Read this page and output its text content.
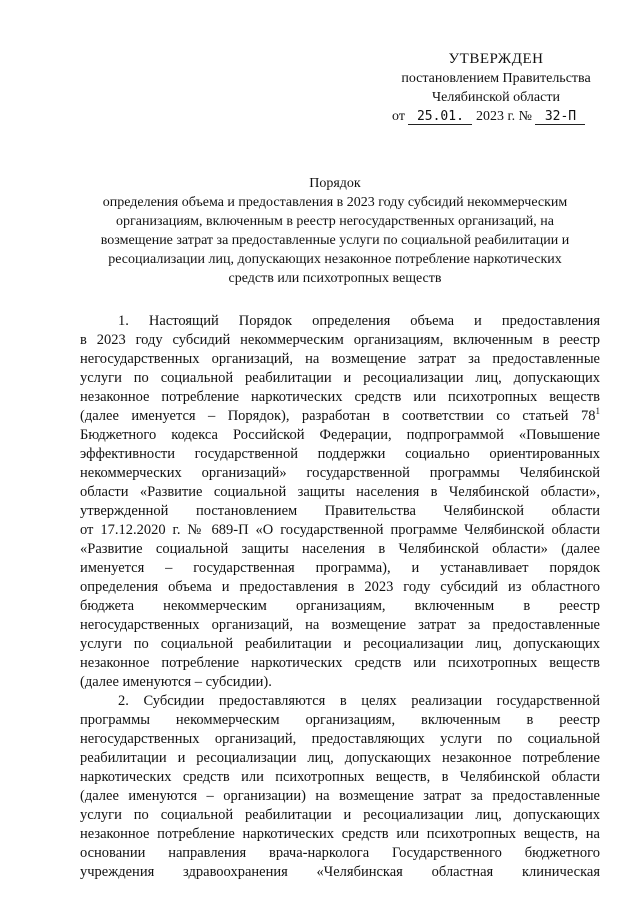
УТВЕРЖДЕН
постановлением Правительства
Челябинской области
от 25.01. 2023 г. № 32-П
Порядок
определения объема и предоставления в 2023 году субсидий некоммерческим
организациям, включенным в реестр негосударственных организаций, на
возмещение затрат за предоставленные услуги по социальной реабилитации и
ресоциализации лиц, допускающих незаконное потребление наркотических
средств или психотропных веществ

1. Настоящий Порядок определения объема и предоставления

в 2023 году субсидий некоммерческим организациям, включенным в реестр

негосударственных организаций, на возмещение затрат за предоставленные

услуги по социальной реабилитации и ресоциализации лиц, допускающих

незаконное потребление наркотических средств или психотропных веществ

(далее именуется – Порядок), разработан в соответствии со статьей $78^1$

Бюджетного кодекса Российской Федерации, подпрограммой «Повышение

эффективности государственной поддержки социально ориентированных

некоммерческих организаций» государственной программы Челябинской

области «Развитие социальной защиты населения в Челябинской области»,

утвержденной постановлением Правительства Челябинской области

от 17.12.2020 г. № 689-П «О государственной программе Челябинской области

«Развитие социальной защиты населения в Челябинской области» (далее

именуется – государственная программа), и устанавливает порядок

определения объема и предоставления в 2023 году субсидий из областного

бюджета некоммерческим организациям, включенным в реестр

негосударственных организаций, на возмещение затрат за предоставленные

услуги по социальной реабилитации и ресоциализации лиц, допускающих

незаконное потребление наркотических средств или психотропных веществ

(далее именуются – субсидии).

2. Субсидии предоставляются в целях реализации государственной

программы некоммерческим организациям, включенным в реестр

негосударственных организаций, предоставляющих услуги по социальной

реабилитации и ресоциализации лиц, допускающих незаконное потребление

наркотических средств или психотропных веществ, в Челябинской области

(далее именуются – организации) на возмещение затрат за предоставленные

услуги по социальной реабилитации и ресоциализации лиц, допускающих

незаконное потребление наркотических средств или психотропных веществ, на

основании направления врача-нарколога Государственного бюджетного

учреждения здравоохранения «Челябинская областная клиническая
